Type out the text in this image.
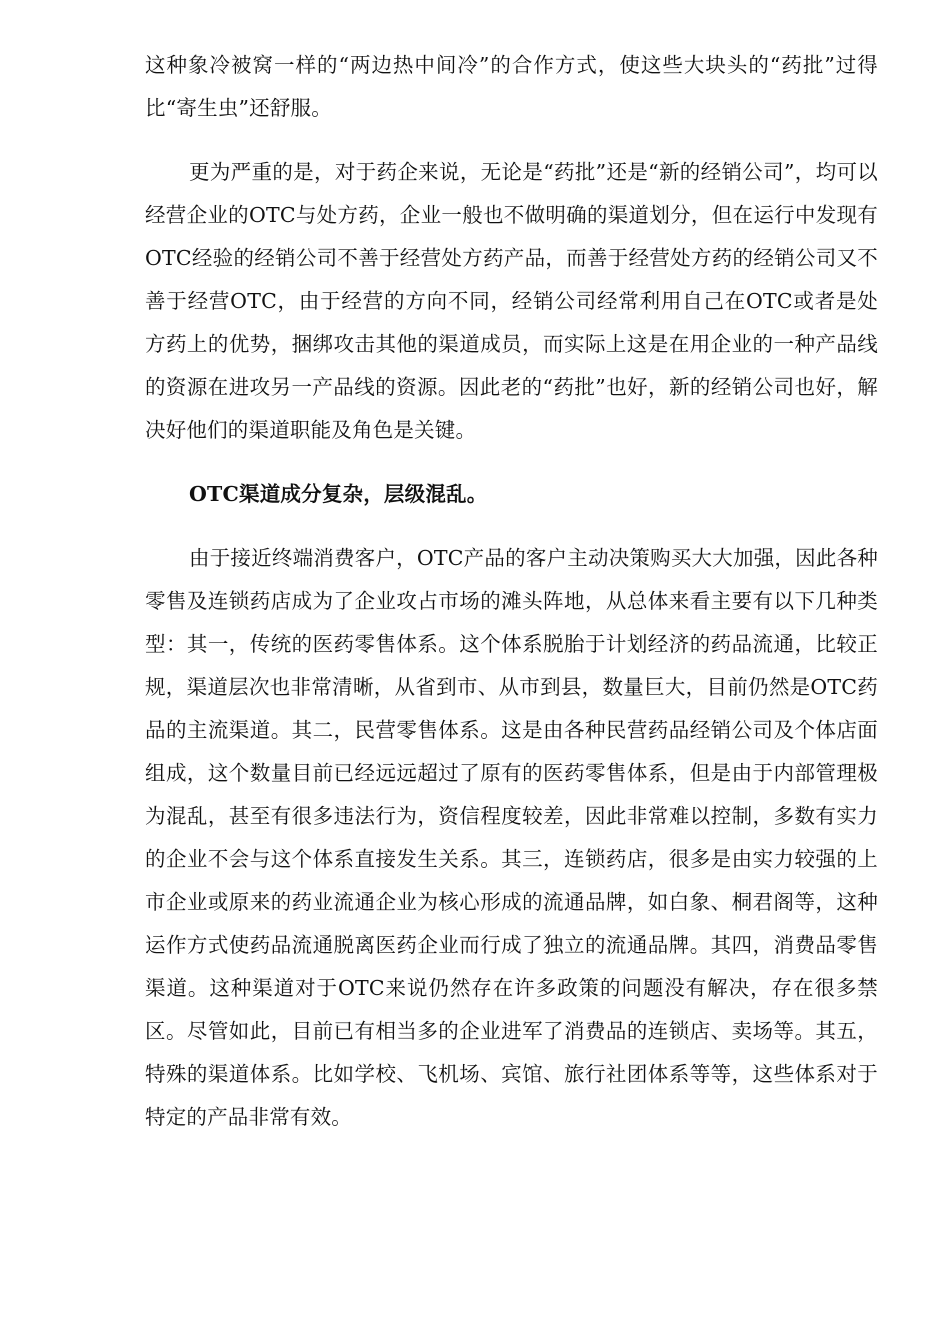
这种象冷被窝一样的“两边热中间冷”的合作方式，使这些大块头的“药批”过得比“寄生虫”还舒服。

更为严重的是，对于药企来说，无论是“药批”还是“新的经销公司”，均可以经营企业的OTC与处方药，企业一般也不做明确的渠道划分，但在运行中发现有OTC经验的经销公司不善于经营处方药产品，而善于经营处方药的经销公司又不善于经营OTC，由于经营的方向不同，经销公司经常利用自己在OTC或者是处方药上的优势，捆绑攻击其他的渠道成员，而实际上这是在用企业的一种产品线的资源在进攻另一产品线的资源。因此老的“药批”也好，新的经销公司也好，解决好他们的渠道职能及角色是关键。

OTC渠道成分复杂，层级混乱。

由于接近终端消费客户，OTC产品的客户主动决策购买大大加强，因此各种零售及连锁药店成为了企业攻占市场的滩头阵地，从总体来看主要有以下几种类型：其一，传统的医药零售体系。这个体系脱胎于计划经济的药品流通，比较正规，渠道层次也非常清晰，从省到市、从市到县，数量巨大，目前仍然是OTC药品的主流渠道。其二，民营零售体系。这是由各种民营药品经销公司及个体店面组成，这个数量目前已经远远超过了原有的医药零售体系，但是由于内部管理极为混乱，甚至有很多违法行为，资信程度较差，因此非常难以控制，多数有实力的企业不会与这个体系直接发生关系。其三，连锁药店，很多是由实力较强的上市企业或原来的药业流通企业为核心形成的流通品牌，如白象、桐君阁等，这种运作方式使药品流通脱离医药企业而行成了独立的流通品牌。其四，消费品零售渠道。这种渠道对于OTC来说仍然存在许多政策的问题没有解决，存在很多禁区。尽管如此，目前已有相当多的企业进军了消费品的连锁店、卖场等。其五，特殊的渠道体系。比如学校、飞机场、宾馆、旅行社团体系等等，这些体系对于特定的产品非常有效。
